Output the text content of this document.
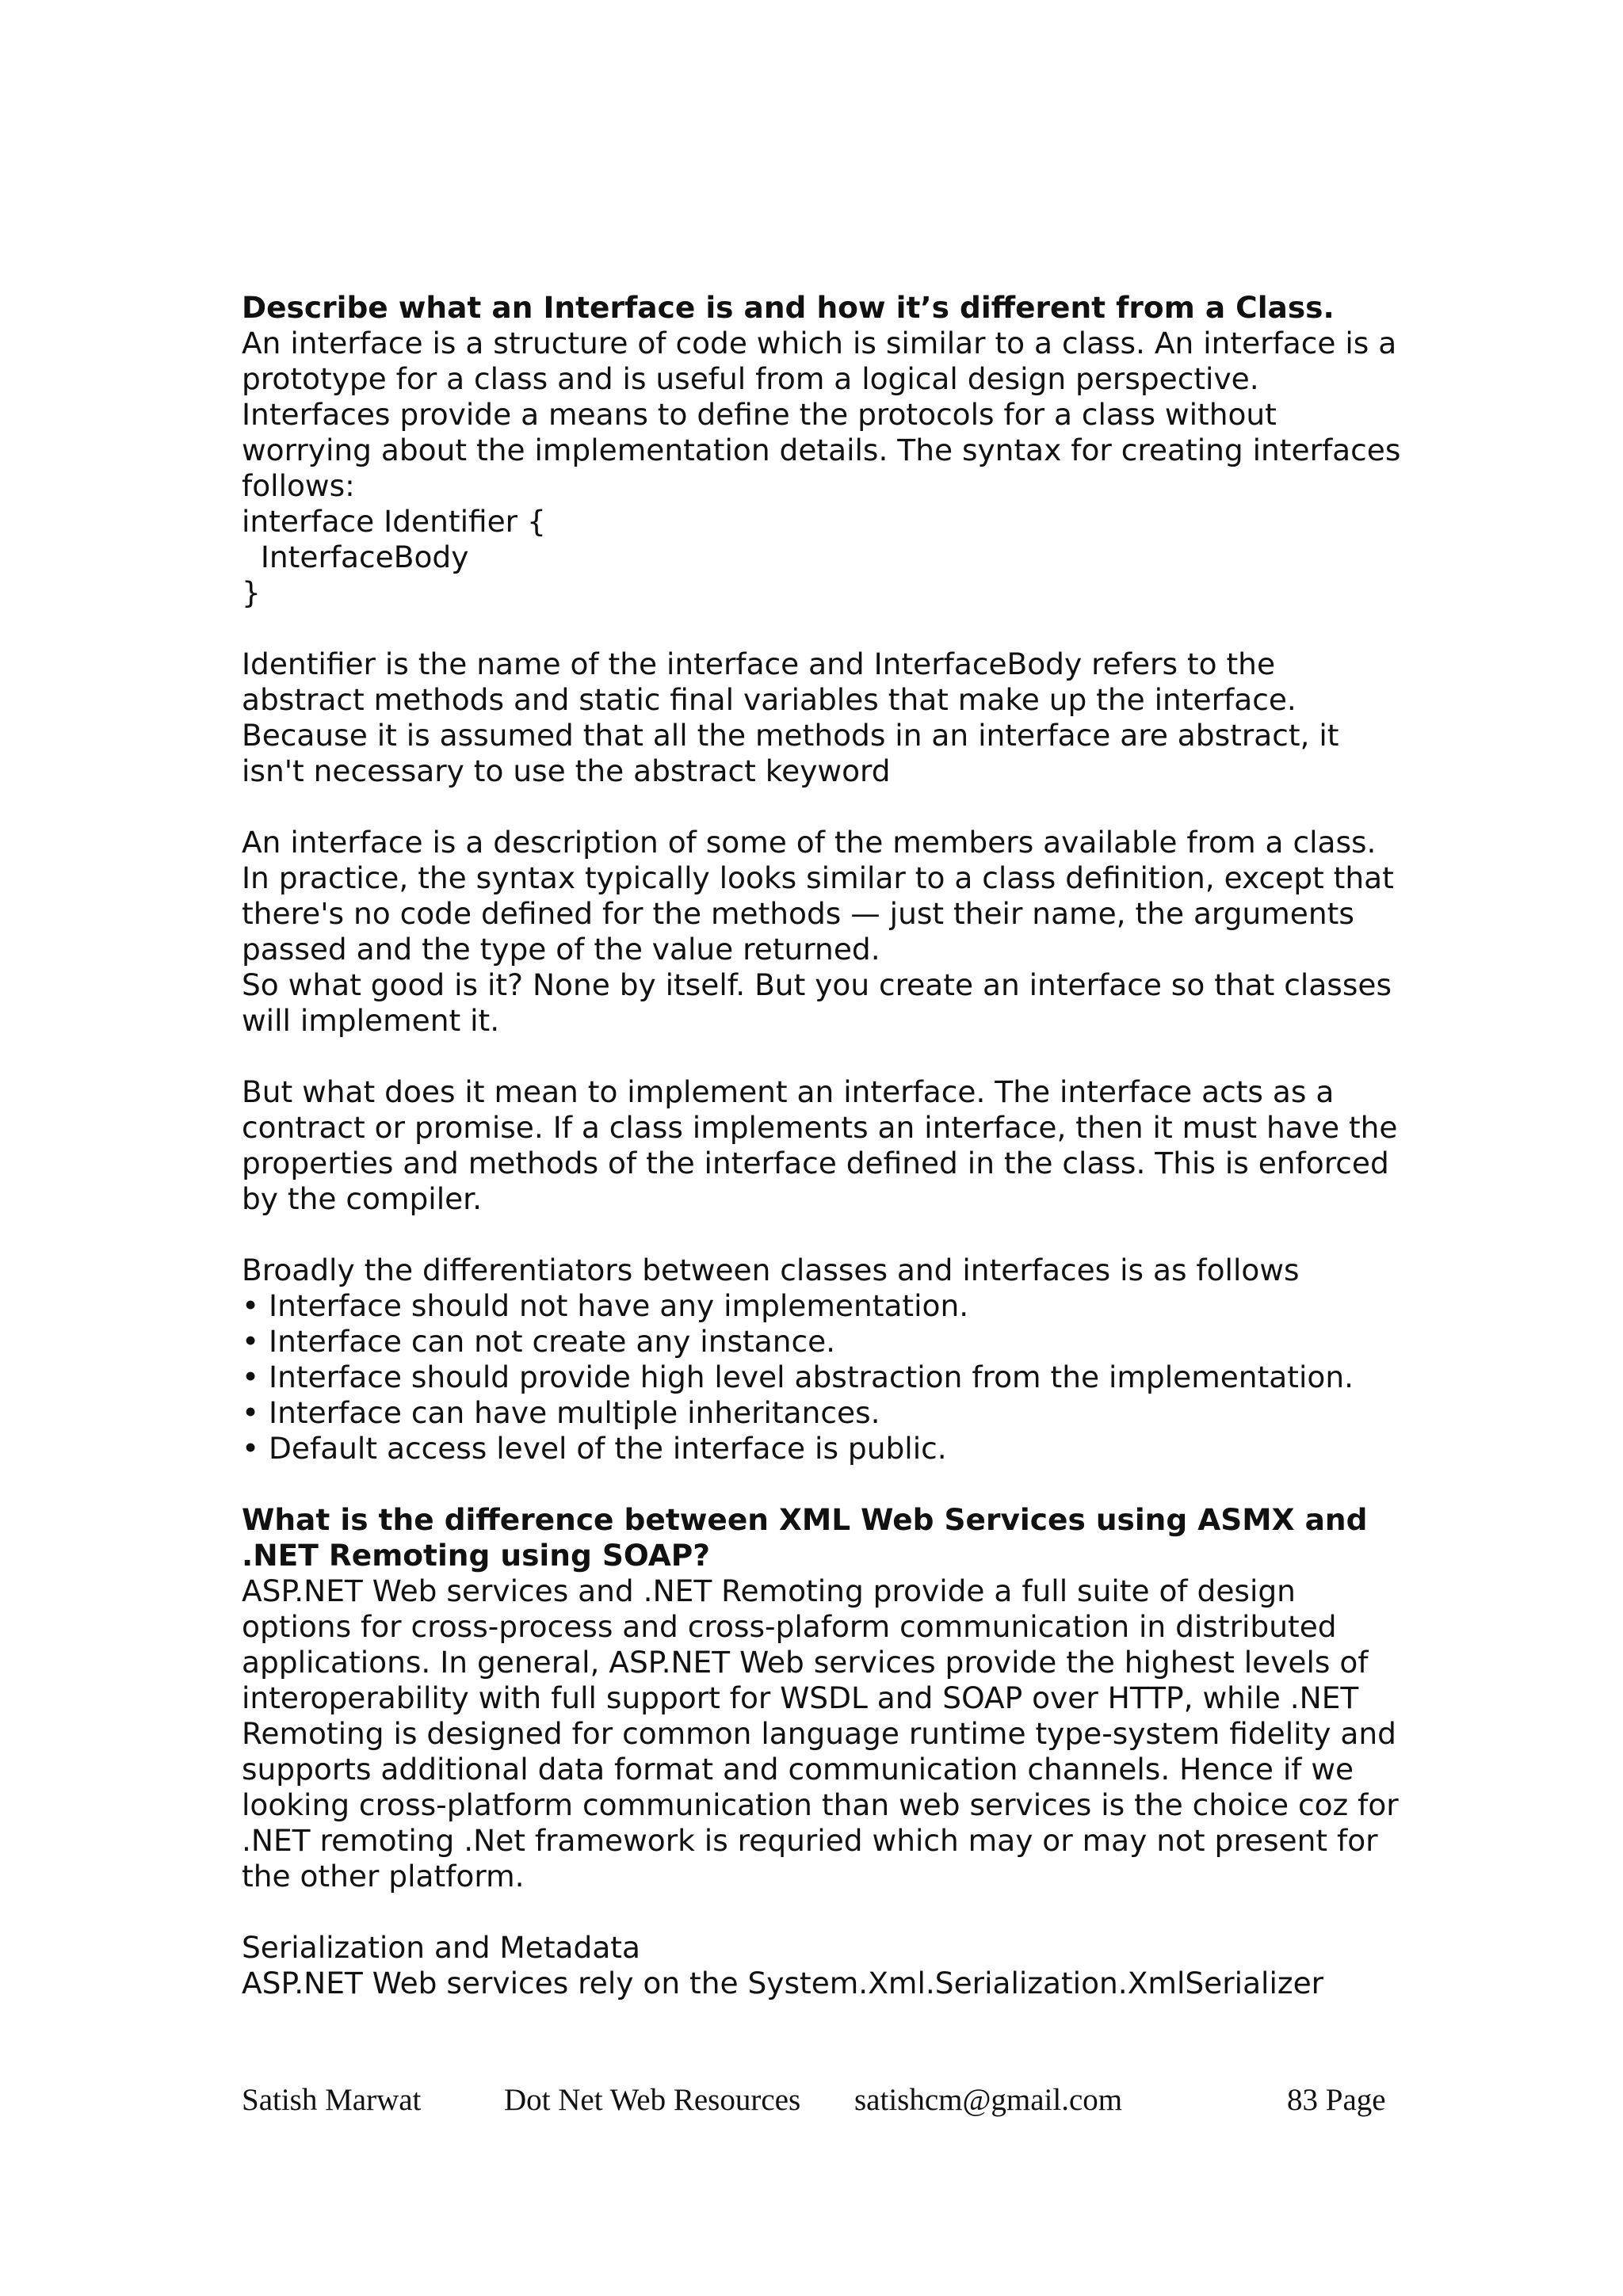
Describe what an Interface is and how it’s different from a Class.
An interface is a structure of code which is similar to a class. An interface is a
prototype for a class and is useful from a logical design perspective.
Interfaces provide a means to define the protocols for a class without
worrying about the implementation details. The syntax for creating interfaces
follows:
interface Identifier {
InterfaceBody
}
Identifier is the name of the interface and InterfaceBody refers to the
abstract methods and static final variables that make up the interface.
Because it is assumed that all the methods in an interface are abstract, it
isn't necessary to use the abstract keyword
An interface is a description of some of the members available from a class.
In practice, the syntax typically looks similar to a class definition, except that
there's no code defined for the methods — just their name, the arguments
passed and the type of the value returned.
So what good is it? None by itself. But you create an interface so that classes
will implement it.
But what does it mean to implement an interface. The interface acts as a
contract or promise. If a class implements an interface, then it must have the
properties and methods of the interface defined in the class. This is enforced
by the compiler.
Broadly the differentiators between classes and interfaces is as follows
• Interface should not have any implementation.
• Interface can not create any instance.
• Interface should provide high level abstraction from the implementation.
• Interface can have multiple inheritances.
• Default access level of the interface is public.
What is the difference between XML Web Services using ASMX and
.NET Remoting using SOAP?
ASP.NET Web services and .NET Remoting provide a full suite of design
options for cross-process and cross-plaform communication in distributed
applications. In general, ASP.NET Web services provide the highest levels of
interoperability with full support for WSDL and SOAP over HTTP, while .NET
Remoting is designed for common language runtime type-system fidelity and
supports additional data format and communication channels. Hence if we
looking cross-platform communication than web services is the choice coz for
.NET remoting .Net framework is requried which may or may not present for
the other platform.
Serialization and Metadata
ASP.NET Web services rely on the System.Xml.Serialization.XmlSerializer
Satish Marwat	Dot Net Web Resources satishcm@gmail.com	83 Page
